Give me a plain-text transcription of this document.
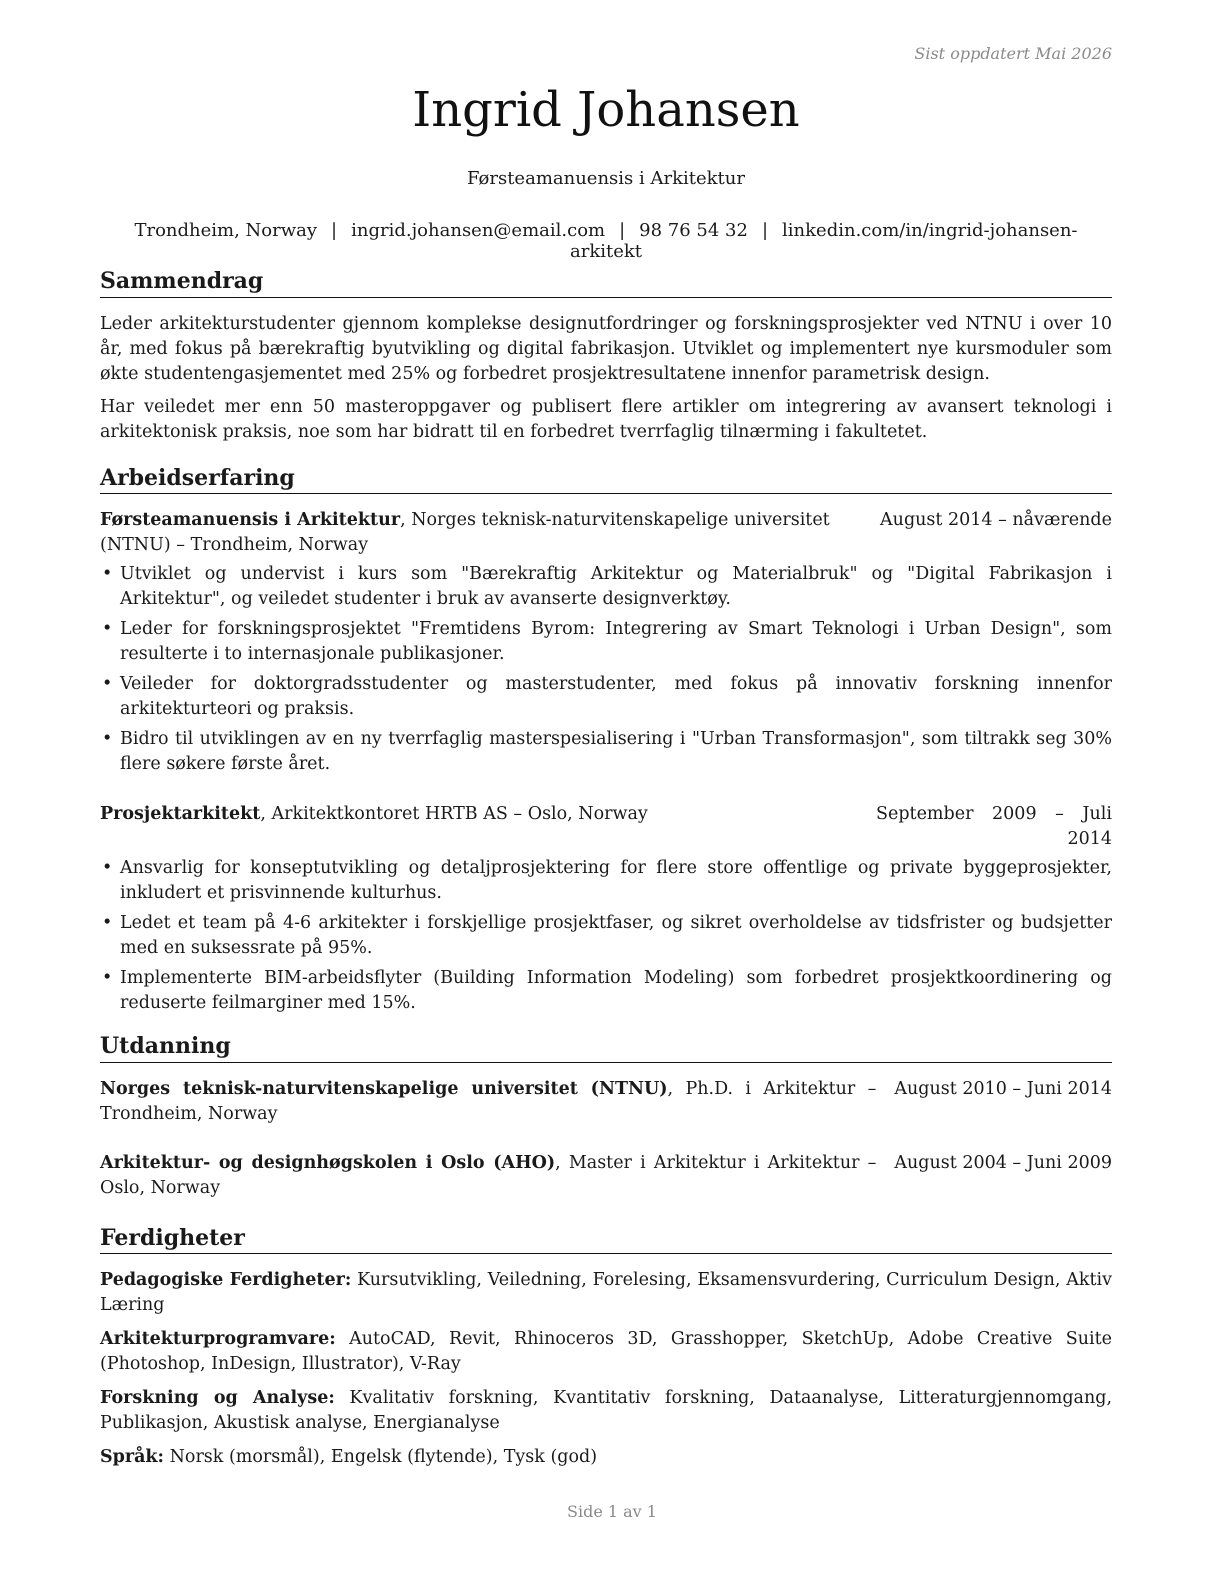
Sist oppdatert Mai 2026
Ingrid Johansen
Førsteamanuensis i Arkitektur
Trondheim, Norway | ingrid.johansen@email.com | 98 76 54 32 | linkedin.com/in/ingrid-johansen-arkitekt
Sammendrag

Leder arkitekturstudenter gjennom komplekse designutfordringer og forskningsprosjekter ved NTNU i over 10 år, med fokus på bærekraftig byutvikling og digital fabrikasjon. Utviklet og implementert nye kursmoduler som økte studentengasjementet med 25% og forbedret prosjektresultatene innenfor parametrisk design.

Har veiledet mer enn 50 masteroppgaver og publisert flere artikler om integrering av avansert teknologi i arkitektonisk praksis, noe som har bidratt til en forbedret tverrfaglig tilnærming i fakultetet.

Arbeidserfaring
Førsteamanuensis i Arkitektur, Norges teknisk-naturvitenskapelige universitet (NTNU) – Trondheim, Norway
August 2014 – nåværende
• Utviklet og undervist i kurs som "Bærekraftig Arkitektur og Materialbruk" og "Digital Fabrikasjon i Arkitektur", og veiledet studenter i bruk av avanserte designverktøy.
• Leder for forskningsprosjektet "Fremtidens Byrom: Integrering av Smart Teknologi i Urban Design", som resulterte i to internasjonale publikasjoner.
• Veileder for doktorgradsstudenter og masterstudenter, med fokus på innovativ forskning innenfor arkitekturteori og praksis.
• Bidro til utviklingen av en ny tverrfaglig masterspesialisering i "Urban Transformasjon", som tiltrakk seg 30% flere søkere første året.
Prosjektarkitekt, Arkitektkontoret HRTB AS – Oslo, Norway	September 2009 – Juli 2014
• Ansvarlig for konseptutvikling og detaljprosjektering for flere store offentlige og private byggeprosjekter, inkludert et prisvinnende kulturhus.
• Ledet et team på 4-6 arkitekter i forskjellige prosjektfaser, og sikret overholdelse av tidsfrister og budsjetter med en suksessrate på 95%.
• Implementerte BIM-arbeidsflyter (Building Information Modeling) som forbedret prosjektkoordinering og reduserte feilmarginer med 15%.
Utdanning
Norges teknisk-naturvitenskapelige universitet (NTNU), Ph.D. i Arkitektur – Trondheim, Norway
August 2010 – Juni 2014
Arkitektur- og designhøgskolen i Oslo (AHO), Master i Arkitektur i Arkitektur – Oslo, Norway
August 2004 – Juni 2009
Ferdigheter
Pedagogiske Ferdigheter: Kursutvikling, Veiledning, Forelesing, Eksamensvurdering, Curriculum Design, Aktiv Læring
Arkitekturprogramvare: AutoCAD, Revit, Rhinoceros 3D, Grasshopper, SketchUp, Adobe Creative Suite (Photoshop, InDesign, Illustrator), V-Ray
Forskning og Analyse: Kvalitativ forskning, Kvantitativ forskning, Dataanalyse, Litteraturgjennomgang, Publikasjon, Akustisk analyse, Energianalyse
Språk: Norsk (morsmål), Engelsk (flytende), Tysk (god)
Side 1 av 1
